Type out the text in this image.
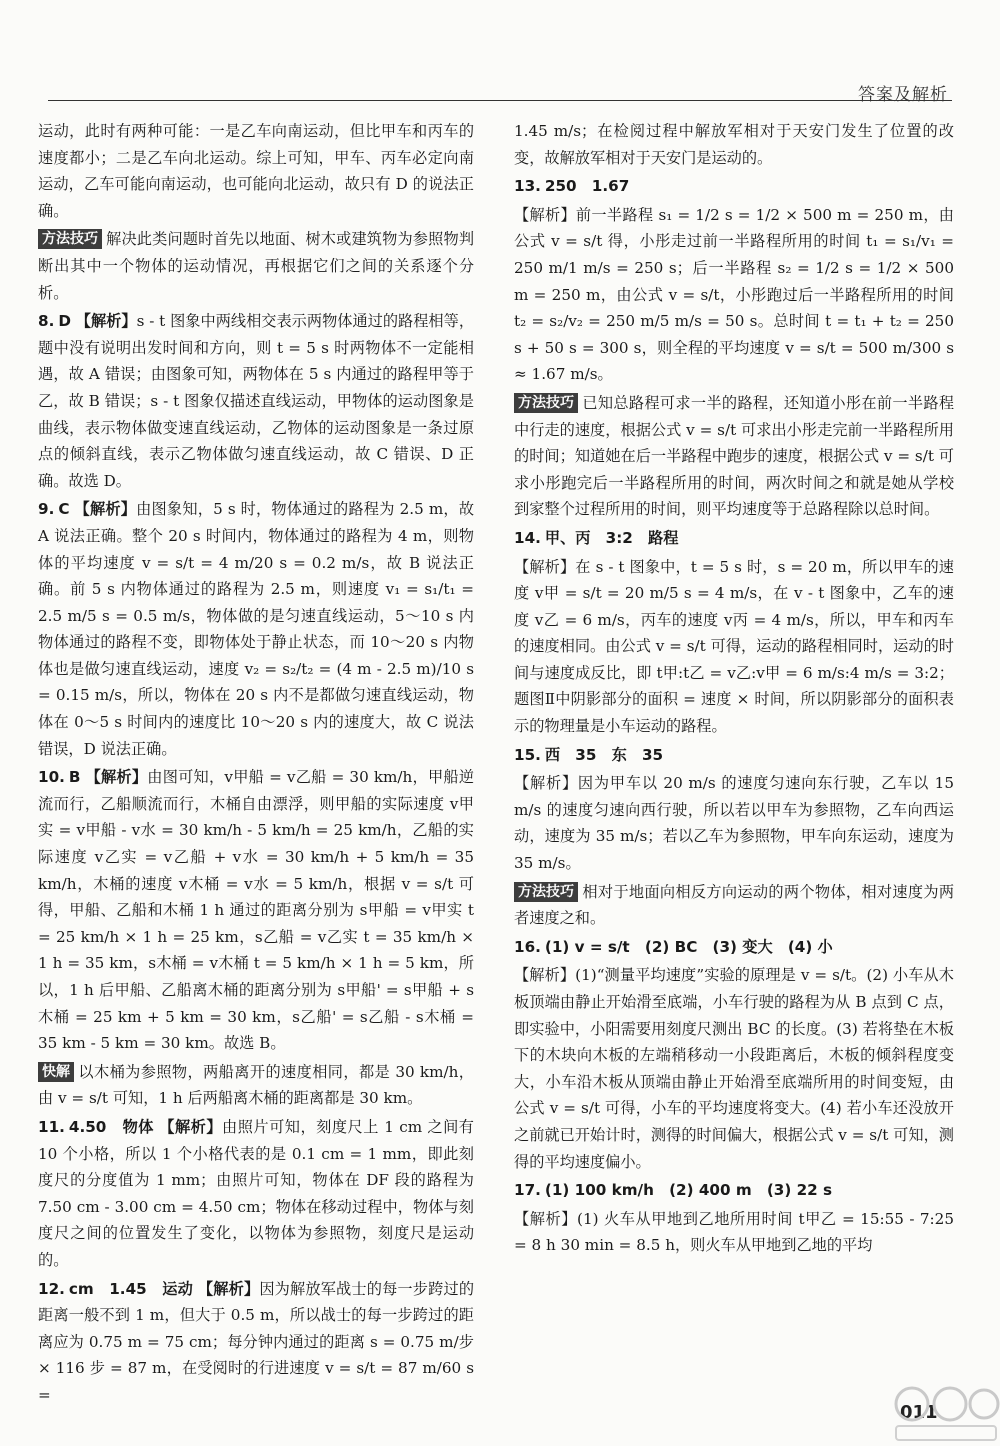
答案及解析
运动，此时有两种可能：一是乙车向南运动，但比甲车和丙车的速度都小；二是乙车向北运动。综上可知，甲车、丙车必定向南运动，乙车可能向南运动，也可能向北运动，故只有 D 的说法正确。
方法技巧 解决此类问题时首先以地面、树木或建筑物为参照物判断出其中一个物体的运动情况，再根据它们之间的关系逐个分析。
8. D 【解析】s - t 图象中两线相交表示两物体通过的路程相等，题中没有说明出发时间和方向，则 t = 5 s 时两物体不一定能相遇，故 A 错误；由图象可知，两物体在 5 s 内通过的路程甲等于乙，故 B 错误；s - t 图象仅描述直线运动，甲物体的运动图象是曲线，表示物体做变速直线运动，乙物体的运动图象是一条过原点的倾斜直线，表示乙物体做匀速直线运动，故 C 错误、D 正确。故选 D。
9. C 【解析】由图象知，5 s 时，物体通过的路程为 2.5 m，故 A 说法正确。整个 20 s 时间内，物体通过的路程为 4 m，则物体的平均速度 v = s/t = 4 m/20 s = 0.2 m/s，故 B 说法正确。前 5 s 内物体通过的路程为 2.5 m，则速度 v₁ = s₁/t₁ = 2.5 m/5 s = 0.5 m/s，物体做的是匀速直线运动，5～10 s 内物体通过的路程不变，即物体处于静止状态，而 10～20 s 内物体也是做匀速直线运动，速度 v₂ = s₂/t₂ = (4 m - 2.5 m)/10 s = 0.15 m/s，所以，物体在 20 s 内不是都做匀速直线运动，物体在 0～5 s 时间内的速度比 10～20 s 内的速度大，故 C 说法错误，D 说法正确。
10. B 【解析】由图可知，v甲船 = v乙船 = 30 km/h，甲船逆流而行，乙船顺流而行，木桶自由漂浮，则甲船的实际速度 v甲实 = v甲船 - v水 = 30 km/h - 5 km/h = 25 km/h，乙船的实际速度 v乙实 = v乙船 + v水 = 30 km/h + 5 km/h = 35 km/h，木桶的速度 v木桶 = v水 = 5 km/h，根据 v = s/t 可得，甲船、乙船和木桶 1 h 通过的距离分别为 s甲船 = v甲实 t = 25 km/h × 1 h = 25 km，s乙船 = v乙实 t = 35 km/h × 1 h = 35 km，s木桶 = v木桶 t = 5 km/h × 1 h = 5 km，所以，1 h 后甲船、乙船离木桶的距离分别为 s甲船' = s甲船 + s木桶 = 25 km + 5 km = 30 km，s乙船' = s乙船 - s木桶 = 35 km - 5 km = 30 km。故选 B。
快解 以木桶为参照物，两船离开的速度相同，都是 30 km/h，由 v = s/t 可知，1 h 后两船离木桶的距离都是 30 km。
11. 4.50　物体 【解析】由照片可知，刻度尺上 1 cm 之间有 10 个小格，所以 1 个小格代表的是 0.1 cm = 1 mm，即此刻度尺的分度值为 1 mm；由照片可知，物体在 DF 段的路程为 7.50 cm - 3.00 cm = 4.50 cm；物体在移动过程中，物体与刻度尺之间的位置发生了变化，以物体为参照物，刻度尺是运动的。
12. cm　1.45　运动 【解析】因为解放军战士的每一步跨过的距离一般不到 1 m，但大于 0.5 m，所以战士的每一步跨过的距离应为 0.75 m = 75 cm；每分钟内通过的距离 s = 0.75 m/步 × 116 步 = 87 m，在受阅时的行进速度 v = s/t = 87 m/60 s =
1.45 m/s；在检阅过程中解放军相对于天安门发生了位置的改变，故解放军相对于天安门是运动的。
13. 250　1.67
【解析】前一半路程 s₁ = 1/2 s = 1/2 × 500 m = 250 m，由公式 v = s/t 得，小彤走过前一半路程所用的时间 t₁ = s₁/v₁ = 250 m/1 m/s = 250 s；后一半路程 s₂ = 1/2 s = 1/2 × 500 m = 250 m，由公式 v = s/t，小彤跑过后一半路程所用的时间 t₂ = s₂/v₂ = 250 m/5 m/s = 50 s。总时间 t = t₁ + t₂ = 250 s + 50 s = 300 s，则全程的平均速度 v = s/t = 500 m/300 s ≈ 1.67 m/s。
方法技巧 已知总路程可求一半的路程，还知道小彤在前一半路程中行走的速度，根据公式 v = s/t 可求出小彤走完前一半路程所用的时间；知道她在后一半路程中跑步的速度，根据公式 v = s/t 可求小彤跑完后一半路程所用的时间，两次时间之和就是她从学校到家整个过程所用的时间，则平均速度等于总路程除以总时间。
14. 甲、丙　3:2　路程
【解析】在 s - t 图象中，t = 5 s 时，s = 20 m，所以甲车的速度 v甲 = s/t = 20 m/5 s = 4 m/s，在 v - t 图象中，乙车的速度 v乙 = 6 m/s，丙车的速度 v丙 = 4 m/s，所以，甲车和丙车的速度相同。由公式 v = s/t 可得，运动的路程相同时，运动的时间与速度成反比，即 t甲:t乙 = v乙:v甲 = 6 m/s:4 m/s = 3:2；题图Ⅱ中阴影部分的面积 = 速度 × 时间，所以阴影部分的面积表示的物理量是小车运动的路程。
15. 西　35　东　35
【解析】因为甲车以 20 m/s 的速度匀速向东行驶，乙车以 15 m/s 的速度匀速向西行驶，所以若以甲车为参照物，乙车向西运动，速度为 35 m/s；若以乙车为参照物，甲车向东运动，速度为 35 m/s。
方法技巧 相对于地面向相反方向运动的两个物体，相对速度为两者速度之和。
16. (1) v = s/t　(2) BC　(3) 变大　(4) 小
【解析】(1)“测量平均速度”实验的原理是 v = s/t。(2) 小车从木板顶端由静止开始滑至底端，小车行驶的路程为从 B 点到 C 点，即实验中，小阳需要用刻度尺测出 BC 的长度。(3) 若将垫在木板下的木块向木板的左端稍移动一小段距离后，木板的倾斜程度变大，小车沿木板从顶端由静止开始滑至底端所用的时间变短，由公式 v = s/t 可得，小车的平均速度将变大。(4) 若小车还没放开之前就已开始计时，测得的时间偏大，根据公式 v = s/t 可知，测得的平均速度偏小。
17. (1) 100 km/h　(2) 400 m　(3) 22 s
【解析】(1) 火车从甲地到乙地所用时间 t甲乙 = 15:55 - 7:25 = 8 h 30 min = 8.5 h，则火车从甲地到乙地的平均
011
